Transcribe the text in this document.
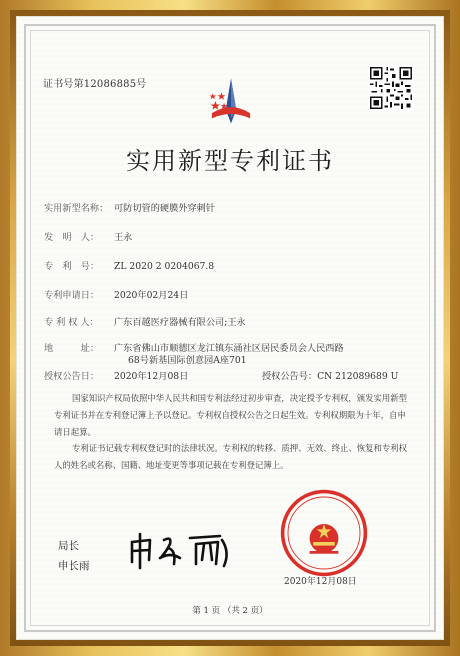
证书号第12086885号
实用新型专利证书
实用新型名称： 可防切管的硬膜外穿刺针
发　明　人： 王永
专　利　号： ZL 2020 2 0204067.8
专利申请日： 2020年02月24日
专 利 权 人： 广东百越医疗器械有限公司;王永
地　　　址： 广东省佛山市顺德区龙江镇东涌社区居民委员会人民西路
68号新基国际创意园A座701
授权公告日： 2020年12月08日	授权公告号：CN 212089689 U
国家知识产权局依照中华人民共和国专利法经过初步审查，决定授予专利权，颁发实用新型专利证书并在专利登记簿上予以登记。专利权自授权公告之日起生效。专利权期限为十年，自申请日起算。
专利证书记载专利权登记时的法律状况。专利权的转移、质押、无效、终止、恢复和专利权人的姓名或名称、国籍、地址变更等事项记载在专利登记簿上。
局长
申长雨
2020年12月08日
第 1 页 （共 2 页）
